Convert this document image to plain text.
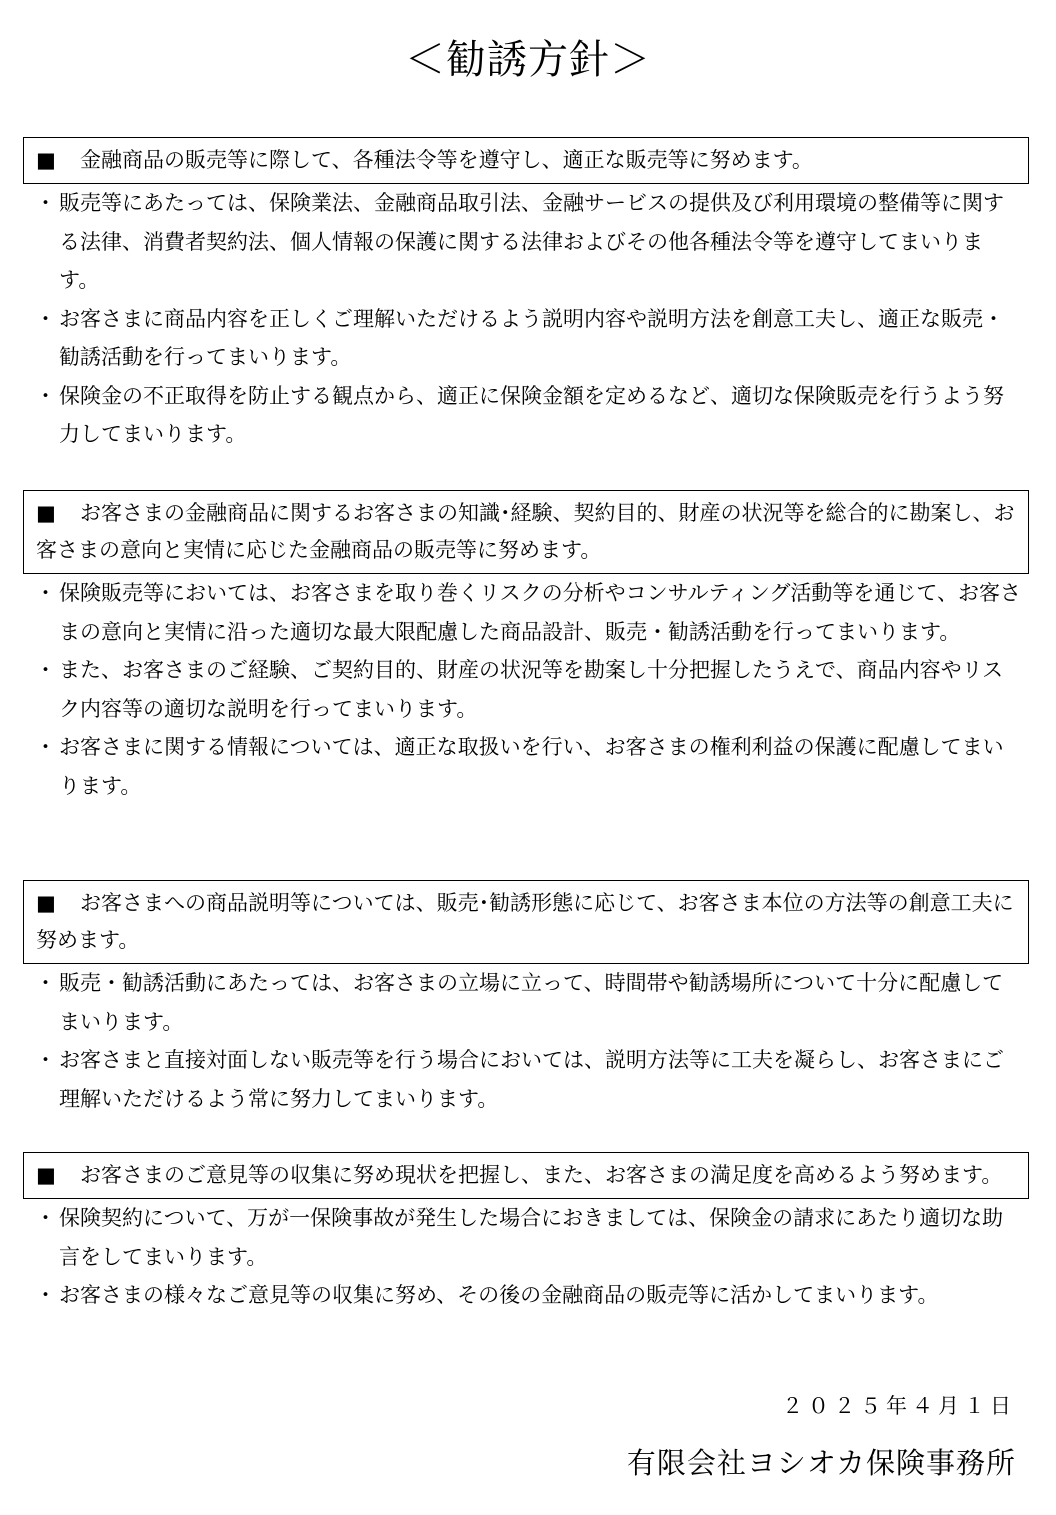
＜勧誘方針＞
■ 金融商品の販売等に際して、各種法令等を遵守し、適正な販売等に努めます。
・ 販売等にあたっては、保険業法、金融商品取引法、金融サービスの提供及び利用環境の整備等に関する法律、消費者契約法、個人情報の保護に関する法律およびその他各種法令等を遵守してまいります。
・ お客さまに商品内容を正しくご理解いただけるよう説明内容や説明方法を創意工夫し、適正な販売・勧誘活動を行ってまいります。
・ 保険金の不正取得を防止する観点から、適正に保険金額を定めるなど、適切な保険販売を行うよう努力してまいります。
■ お客さまの金融商品に関するお客さまの知識･経験、契約目的、財産の状況等を総合的に勘案し、お客さまの意向と実情に応じた金融商品の販売等に努めます。
・ 保険販売等においては、お客さまを取り巻くリスクの分析やコンサルティング活動等を通じて、お客さまの意向と実情に沿った適切な最大限配慮した商品設計、販売・勧誘活動を行ってまいります。
・ また、お客さまのご経験、ご契約目的、財産の状況等を勘案し十分把握したうえで、商品内容やリスク内容等の適切な説明を行ってまいります。
・ お客さまに関する情報については、適正な取扱いを行い、お客さまの権利利益の保護に配慮してまいります。
■ お客さまへの商品説明等については、販売･勧誘形態に応じて、お客さま本位の方法等の創意工夫に努めます。
・ 販売・勧誘活動にあたっては、お客さまの立場に立って、時間帯や勧誘場所について十分に配慮してまいります。
・ お客さまと直接対面しない販売等を行う場合においては、説明方法等に工夫を凝らし、お客さまにご理解いただけるよう常に努力してまいります。
■ お客さまのご意見等の収集に努め現状を把握し、また、お客さまの満足度を高めるよう努めます。
・ 保険契約について、万が一保険事故が発生した場合におきましては、保険金の請求にあたり適切な助言をしてまいります。
・ お客さまの様々なご意見等の収集に努め、その後の金融商品の販売等に活かしてまいります。
２０２５年４月１日
有限会社ヨシオカ保険事務所
